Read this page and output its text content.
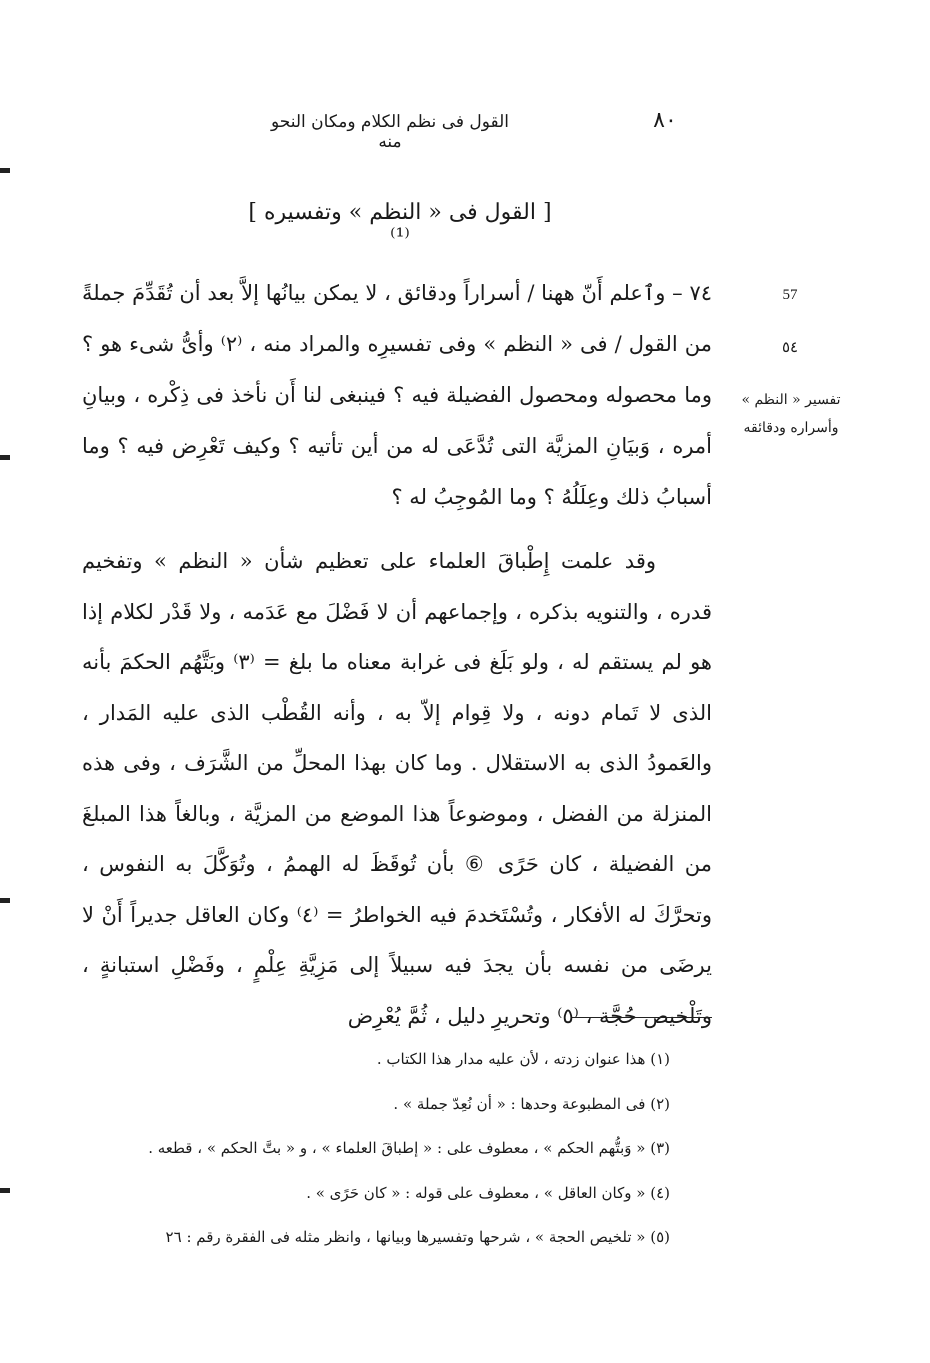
القول فى نظم الكلام ومكان النحو منه
٨٠
[ القول فى « النظم » وتفسيره ] ⁽¹⁾
57
٥٤
تفسير « النظم » وأسراره ودقائقه
٧٤ – وٱعلم أَنّ ههنا / أسراراً ودقائق ، لا يمكن بيانُها إلاَّ بعد أن تُقَدِّمَ جملةً من القول / فى « النظم » وفى تفسيرِه والمراد منه ، ⁽٢⁾ وأىُّ شىء هو ؟ وما محصوله ومحصول الفضيلة فيه ؟ فينبغى لنا أَن نأخذ فى ذِكْره ، وبيانِ أمره ، وَبيَانِ المزيَّة التى تُدَّعَى له من أين تأتيه ؟ وكيف تَعْرِض فيه ؟ وما أسبابُ ذلك وعِلَلُهُ ؟ وما المُوجِبُ له ؟
وقد علمت إِطْباقَ العلماء على تعظيم شأن « النظم » وتفخيم قدره ، والتنويه بذكره ، وإجماعهم أن لا فَضْلَ مع عَدَمه ، ولا قَدْر لكلام إذا هو لم يستقم له ، ولو بَلَغ فى غرابة معناه ما بلغ = ⁽٣⁾ وبَتَّهُم الحكمَ بأنه الذى لا تَمام دونه ، ولا قِوام إلاّ به ، وأنه القُطْب الذى عليه المَدار ، والعَمودُ الذى به الاستقلال . وما كان بهذا المحلِّ من الشَّرَف ، وفى هذه المنزلة من الفضل ، وموضوعاً هذا الموضع من المزيَّة ، وبالغاً هذا المبلغَ من الفضيلة ، كان حَرًى ⑥ بأن تُوقَظَ له الهممُ ، وتُوَكَّلَ به النفوس ، وتحرَّكَ له الأفكار ، وتُسْتَخدمَ فيه الخواطرُ = ⁽٤⁾ وكان العاقل جديراً أَنْ لا يرضَى من نفسه بأن يجدَ فيه سبيلاً إلى مَزِيَّةِ عِلْمٍ ، وفَضْلِ استبانةٍ ، وتَلْخيص حُجَّة ، ⁽٥⁾ وتحريرِ دليل ، ثُمَّ يُعْرِض
(١) هذا عنوان زدته ، لأن عليه مدار هذا الكتاب .
(٢) فى المطبوعة وحدها : « أن نُعِدّ جملة » .
(٣) « وَبتُّهم الحكم » ، معطوف على : « إطباقَ العلماء » ، و « بتَّ الحكم » ، قطعه .
(٤) « وكان العاقل » ، معطوف على قوله : « كان حَرًى » .
(٥) « تلخيص الحجة » ، شرحها وتفسيرها وبيانها ، وانظر مثله فى الفقرة رقم : ٢٦
